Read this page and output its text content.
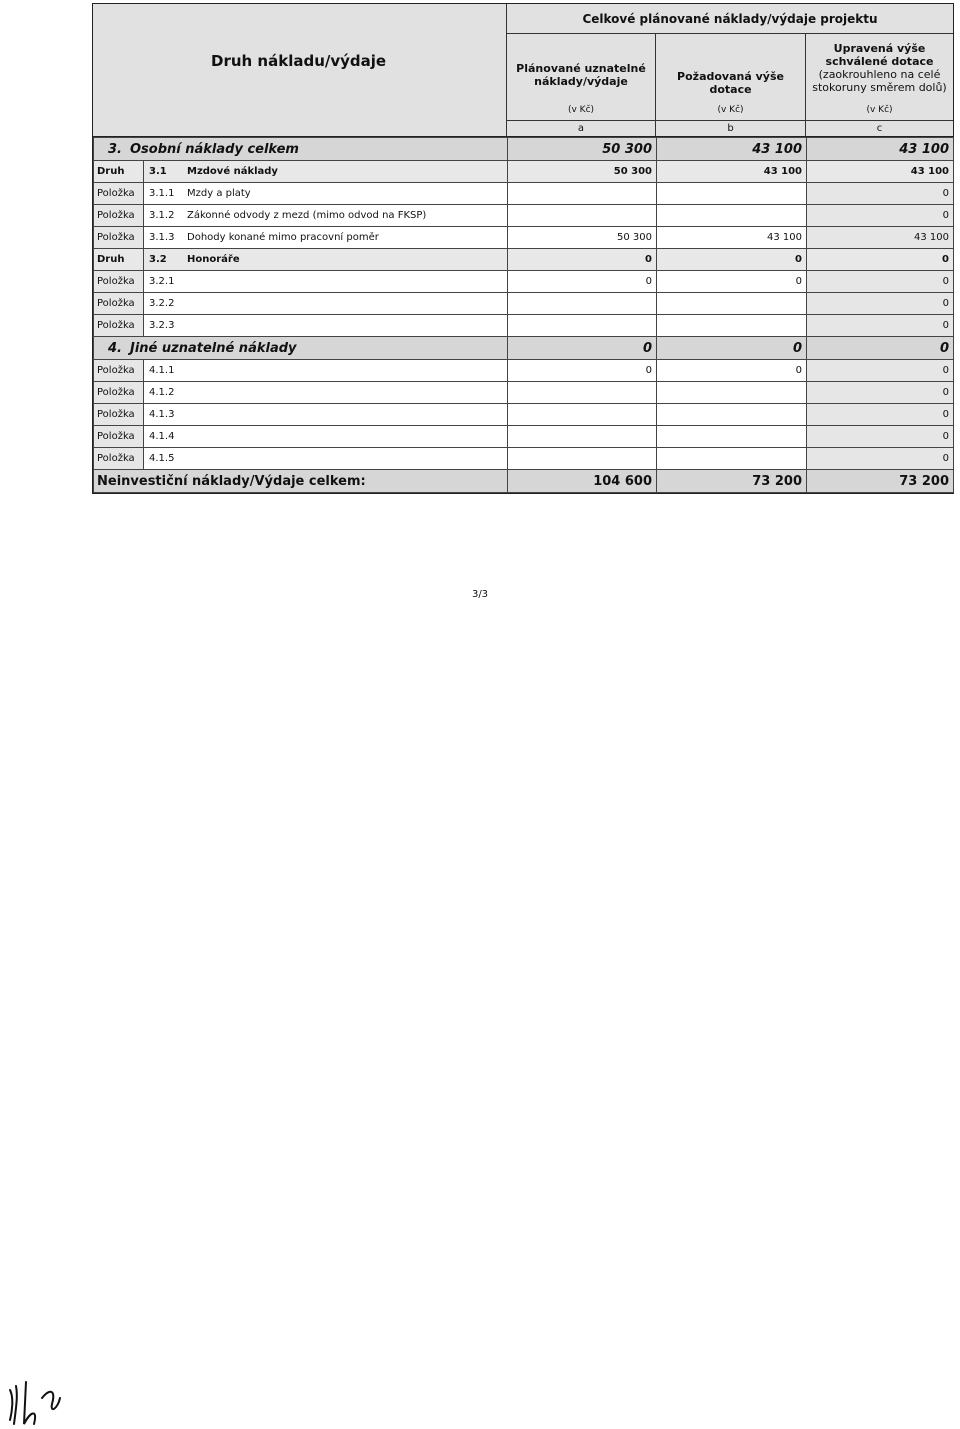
Druh nákladu/výdaje
Celkové plánované náklady/výdaje projektu
Plánované uznatelné
náklady/výdaje
(v Kč)
a
Požadovaná výše dotace
(v Kč)
b
Upravená výše
schválené dotace
(zaokrouhleno na celé
stokoruny směrem dolů)
(v Kč)
c
3. Osobní náklady celkem		50 300	43 100	43 100
Druh	3.1 Mzdové náklady	50 300	43 100	43 100
Položka	3.1.1 Mzdy a platy			0
Položka	3.1.2 Zákonné odvody z mezd (mimo odvod na FKSP)			0
Položka	3.1.3 Dohody konané mimo pracovní poměr	50 300	43 100	43 100
Druh	3.2 Honoráře	0	0	0
Položka	3.2.1	0	0	0
Položka	3.2.2			0
Položka	3.2.3			0
4. Jiné uznatelné náklady		0	0	0
Položka	4.1.1	0	0	0
Položka	4.1.2			0
Položka	4.1.3			0
Položka	4.1.4			0
Položka	4.1.5			0
Neinvestiční náklady/Výdaje celkem:		104 600	73 200	73 200
3/3
